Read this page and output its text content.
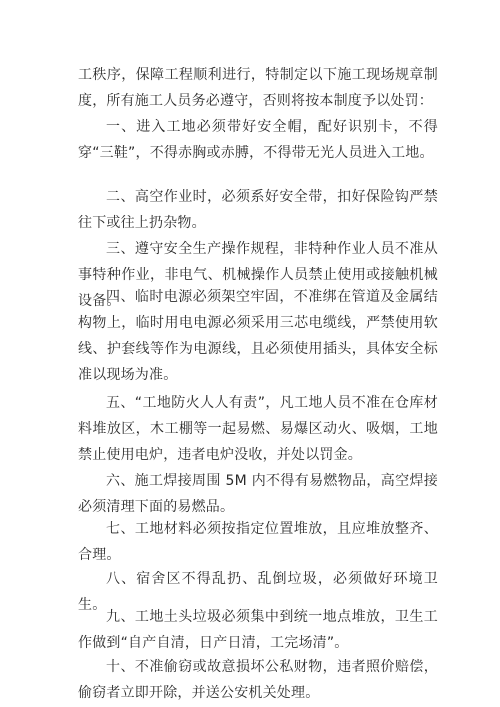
工秩序，保障工程顺利进行，特制定以下施工现场规章制度，所有施工人员务必遵守，否则将按本制度予以处罚：

一、进入工地必须带好安全帽，配好识别卡，不得穿“三鞋”，不得赤胸或赤膊，不得带无光人员进入工地。

二、高空作业时，必须系好安全带，扣好保险钩严禁往下或往上扔杂物。

三、遵守安全生产操作规程，非特种作业人员不准从事特种作业，非电气、机械操作人员禁止使用或接触机械设备。

四、临时电源必须架空牢固，不准绑在管道及金属结构物上，临时用电电源必须采用三芯电缆线，严禁使用软线、护套线等作为电源线，且必须使用插头，具体安全标准以现场为准。

五、“工地防火人人有责”，凡工地人员不准在仓库材料堆放区，木工棚等一起易燃、易爆区动火、吸烟，工地禁止使用电炉，违者电炉没收，并处以罚金。

六、施工焊接周围 5M 内不得有易燃物品，高空焊接必须清理下面的易燃品。

七、工地材料必须按指定位置堆放，且应堆放整齐、合理。

八、宿舍区不得乱扔、乱倒垃圾，必须做好环境卫生。

九、工地土头垃圾必须集中到统一地点堆放，卫生工作做到“自产自清，日产日清，工完场清”。

十、不准偷窃或故意损坏公私财物，违者照价赔偿，偷窃者立即开除，并送公安机关处理。
